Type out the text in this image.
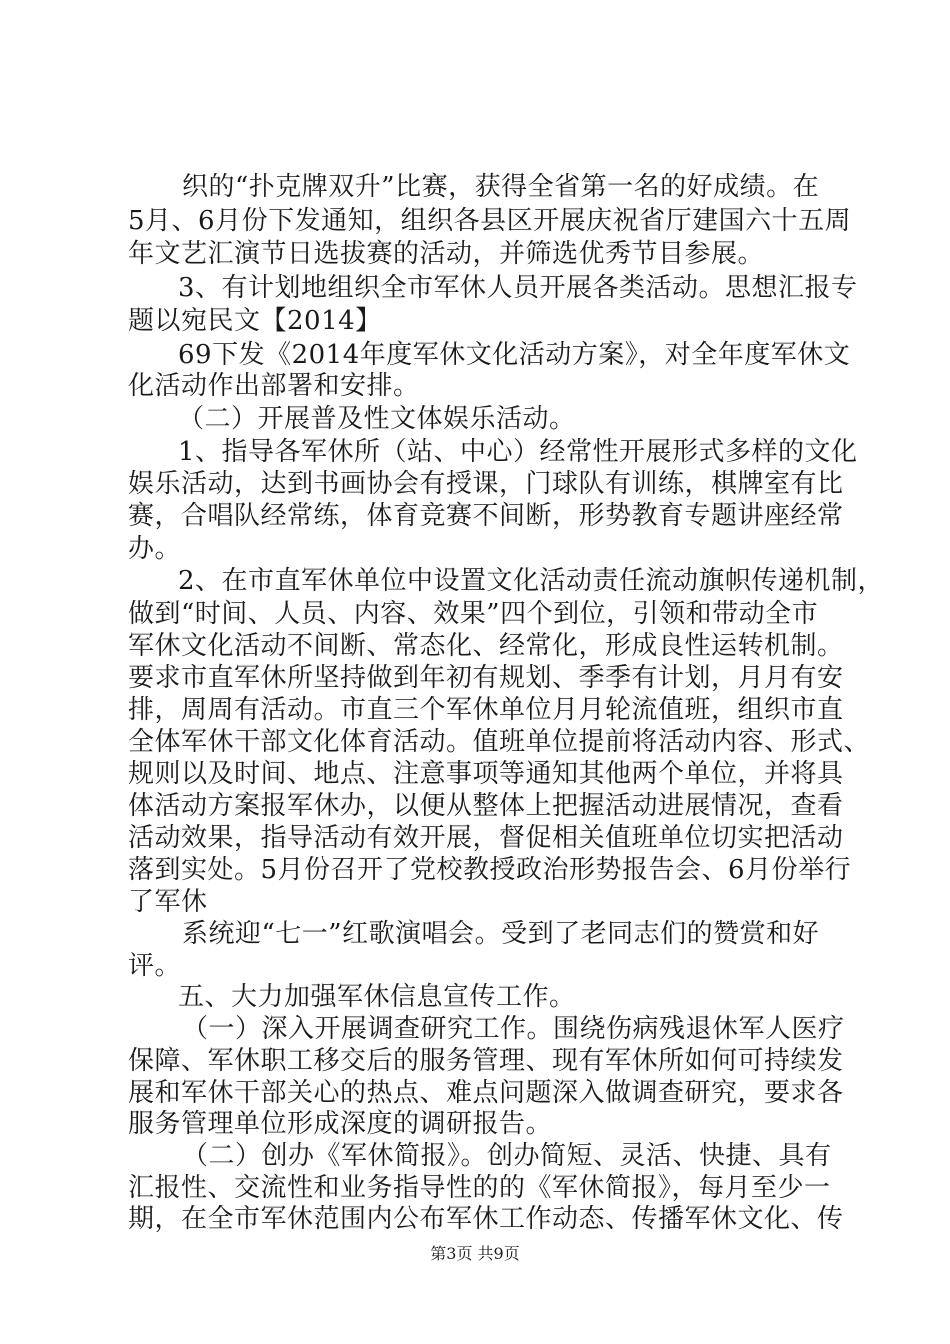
织的“扑克牌双升”比赛，获得全省第一名的好成绩。在
5月、6月份下发通知，组织各县区开展庆祝省厅建国六十五周
年文艺汇演节日选拔赛的活动，并筛选优秀节目参展。
3、有计划地组织全市军休人员开展各类活动。思想汇报专
题以宛民文【2014】
69下发《2014年度军休文化活动方案》，对全年度军休文
化活动作出部署和安排。
（二）开展普及性文体娱乐活动。
1、指导各军休所（站、中心）经常性开展形式多样的文化
娱乐活动，达到书画协会有授课，门球队有训练，棋牌室有比
赛，合唱队经常练，体育竞赛不间断，形势教育专题讲座经常
办。
2、在市直军休单位中设置文化活动责任流动旗帜传递机制，
做到“时间、人员、内容、效果”四个到位，引领和带动全市
军休文化活动不间断、常态化、经常化，形成良性运转机制。
要求市直军休所坚持做到年初有规划、季季有计划，月月有安
排，周周有活动。市直三个军休单位月月轮流值班，组织市直
全体军休干部文化体育活动。值班单位提前将活动内容、形式、
规则以及时间、地点、注意事项等通知其他两个单位，并将具
体活动方案报军休办，以便从整体上把握活动进展情况，查看
活动效果，指导活动有效开展，督促相关值班单位切实把活动
落到实处。5月份召开了党校教授政治形势报告会、6月份举行
了军休
系统迎“七一”红歌演唱会。受到了老同志们的赞赏和好
评。
五、大力加强军休信息宣传工作。
（一）深入开展调查研究工作。围绕伤病残退休军人医疗
保障、军休职工移交后的服务管理、现有军休所如何可持续发
展和军休干部关心的热点、难点问题深入做调查研究，要求各
服务管理单位形成深度的调研报告。
（二）创办《军休简报》。创办简短、灵活、快捷、具有
汇报性、交流性和业务指导性的的《军休简报》，每月至少一
期，在全市军休范围内公布军休工作动态、传播军休文化、传
第3页 共9页
